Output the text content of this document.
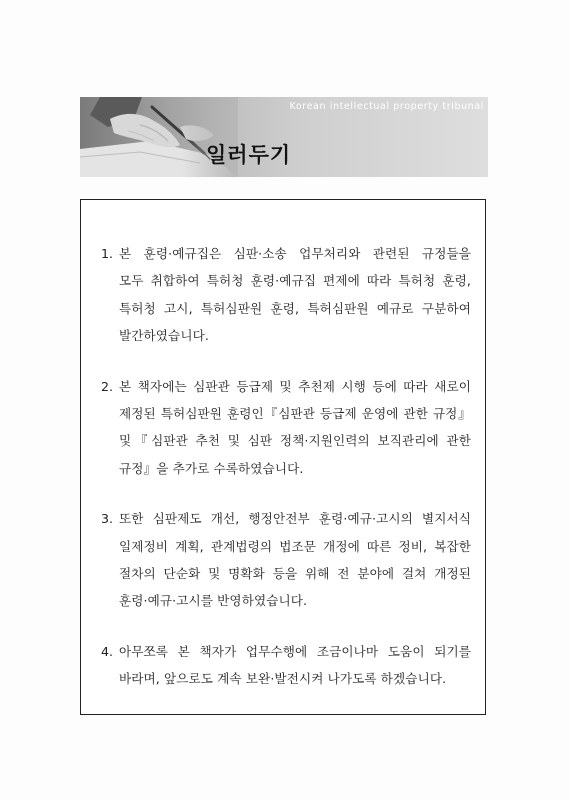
Korean intellectual property tribunal
일러두기
1. 본 훈령·예규집은 심판·소송 업무처리와 관련된 규정들을
모두 취합하여 특허청 훈령·예규집 편제에 따라 특허청 훈령,
특허청 고시, 특허심판원 훈령, 특허심판원 예규로 구분하여
발간하였습니다.
2. 본 책자에는 심판관 등급제 및 추천제 시행 등에 따라 새로이
제정된 특허심판원 훈령인『심판관 등급제 운영에 관한 규정』
및『심판관 추천 및 심판 정책·지원인력의 보직관리에 관한
규정』을 추가로 수록하였습니다.
3. 또한 심판제도 개선, 행정안전부 훈령·예규·고시의 별지서식
일제정비 계획, 관계법령의 법조문 개정에 따른 정비, 복잡한
절차의 단순화 및 명확화 등을 위해 전 분야에 걸쳐 개정된
훈령·예규·고시를 반영하였습니다.
4. 아무쪼록 본 책자가 업무수행에 조금이나마 도움이 되기를
바라며, 앞으로도 계속 보완·발전시켜 나가도록 하겠습니다.
